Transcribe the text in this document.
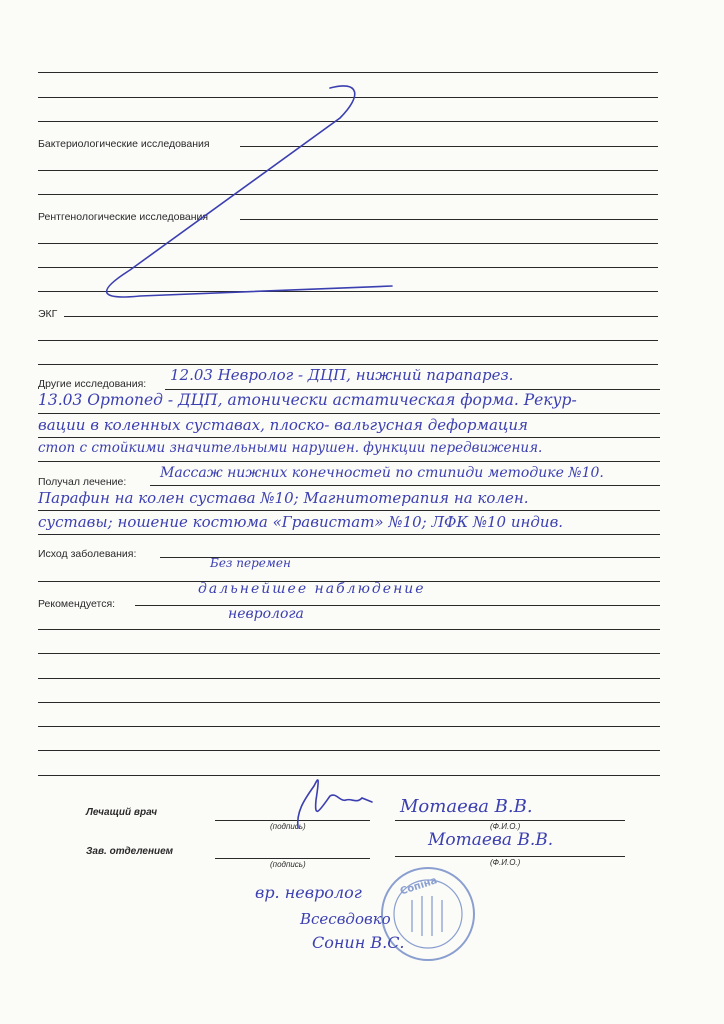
Бактериологические исследования
Рентгенологические исследования
ЭКГ
Другие исследования: 12.03 Невролог - ДЦП, нижний парапарез.
13.03 Ортопед - ДЦП, атонически астатическая форма. Рекур-
вации в коленных суставах, плоско- вальгусная деформация
стоп с стойкими значительными нарушен. функции передвижения.
Получал лечение:
Массаж нижних конечностей по стипиди методике №10.
Парафин на колен сустава №10; Магнитотерапия на колен.
суставы; ношение костюма «Гравистат» №10; ЛФК №10 индив.
Исход заболевания:
Без перемен
Рекомендуется:
дальнейшее наблюдение
невролога
Лечащий врач
(подпись)	(Ф.И.О.)
Мотаева В.В.
Зав. отделением
(подпись)	(Ф.И.О.)
Мотаева В.В.
вр. невролог
Всесвдовко
Сонин В.С.
Сопіна
